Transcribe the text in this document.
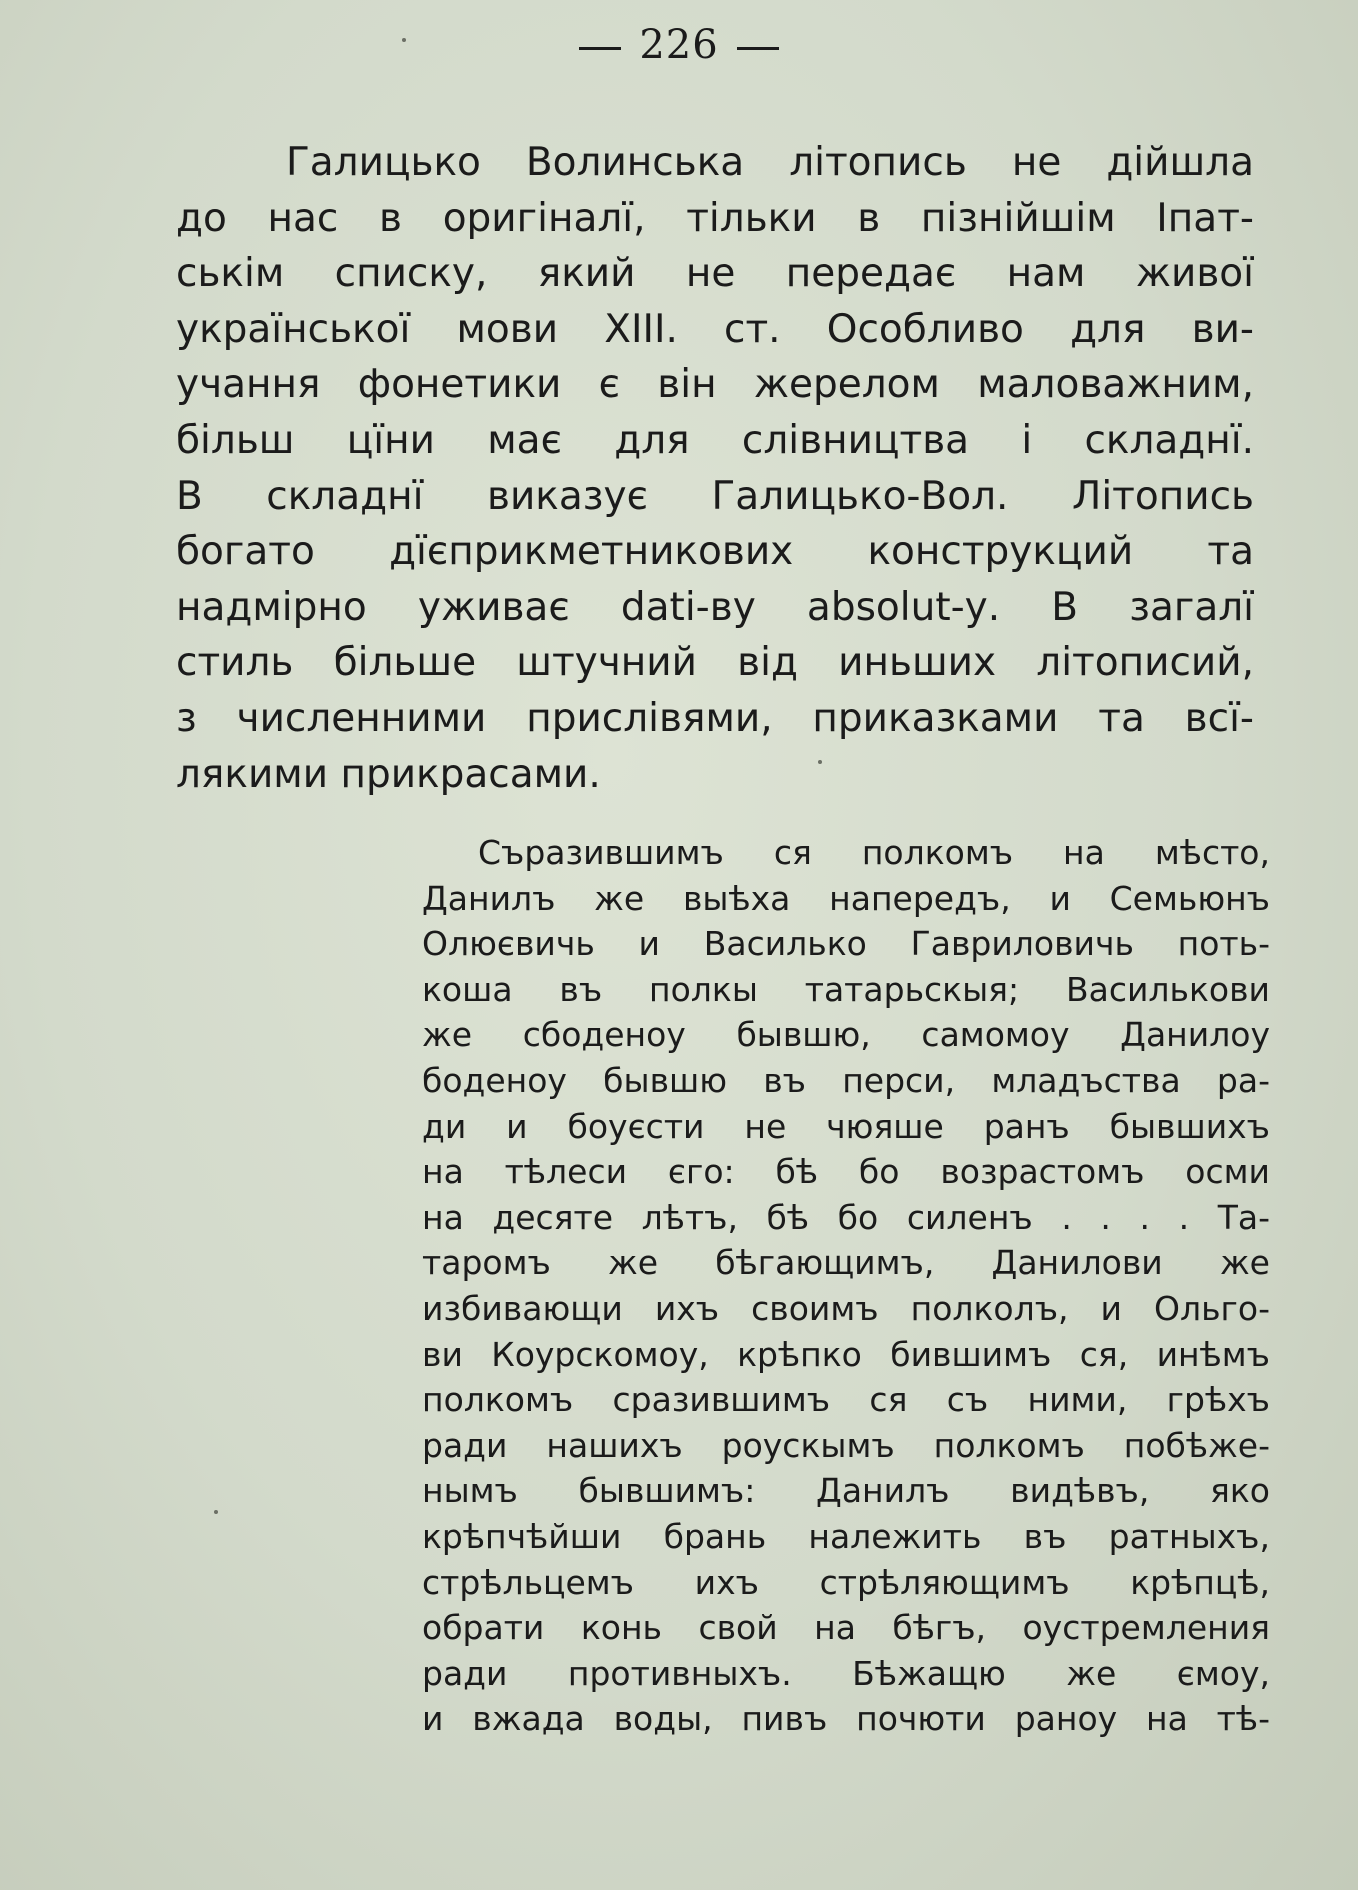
226
Галицько Волинська літопись не дійшла
до нас в оригіналї, тільки в пізнійшім Іпат-
ськім списку, який не передає нам живої
української мови XIII. ст. Особливо для ви-
учання фонетики є він жерелом маловажним,
більш цїни має для слівництва і складнї.
В складнї виказує Галицько-Вол. Літопись
богато дїєприкметникових конструкций та
надмірно уживає dati-ву absolut-у. В загалї
стиль більше штучний від иньших літописий,
з численними прислівями, приказками та всї-
лякими прикрасами.
Съразившимъ ся полкомъ на мѣсто,
Данилъ же выѣха напередъ, и Семьюнъ
Олюєвичь и Василько Гавриловичь поть-
коша въ полкы татарьскыя; Василькови
же сбоденоу бывшю, самомоу Данилоу
боденоу бывшю въ перси, младъства ра-
ди и боуєсти не чюяше ранъ бывшихъ
на тѣлеси єго: бѣ бо возрастомъ осми
на десяте лѣтъ, бѣ бо силенъ . . . . Та-
таромъ же бѣгающимъ, Данилови же
избивающи ихъ своимъ полколъ, и Ольго-
ви Коурскомоу, крѣпко бившимъ ся, инѣмъ
полкомъ сразившимъ ся съ ними, грѣхъ
ради нашихъ роускымъ полкомъ побѣже-
нымъ бывшимъ: Данилъ видѣвъ, яко
крѣпчѣйши брань належить въ ратныхъ,
стрѣльцемъ ихъ стрѣляющимъ крѣпцѣ,
обрати конь свой на бѣгъ, оустремления
ради противныхъ. Бѣжащю же ємоу,
и вжада воды, пивъ почюти раноу на тѣ-
